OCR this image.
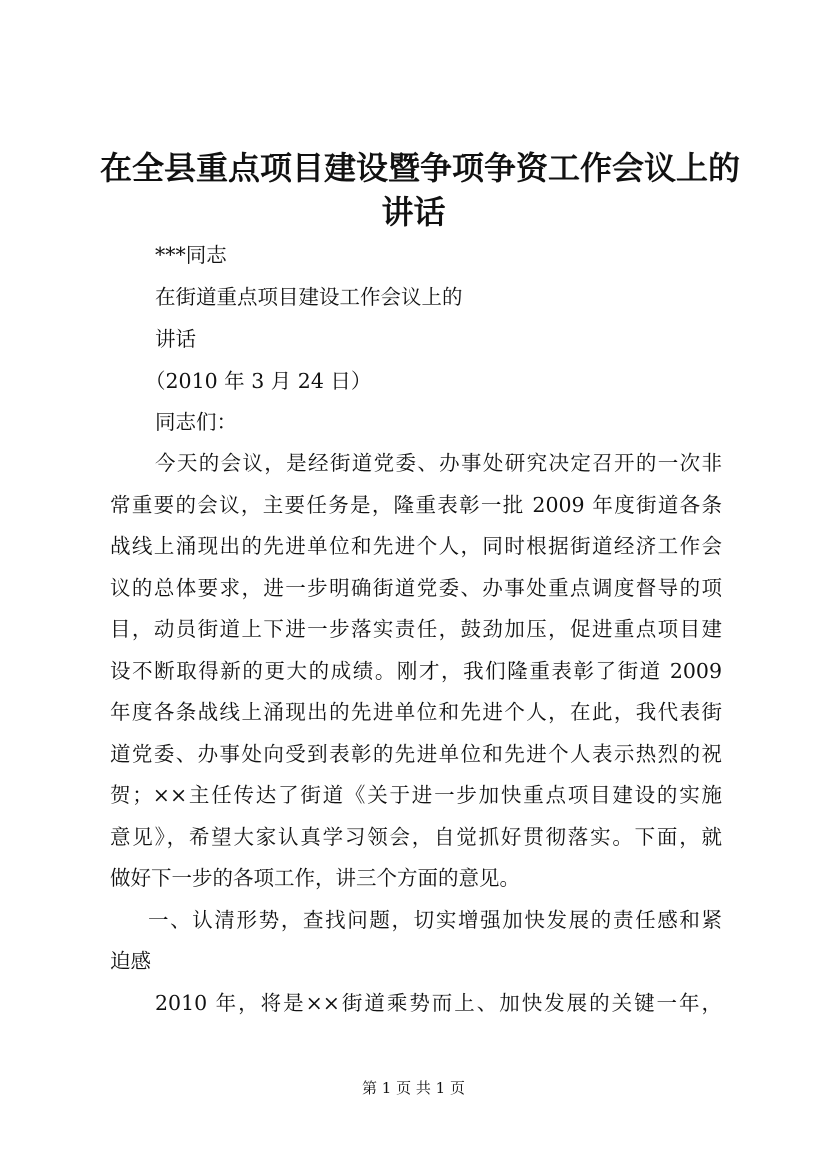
在全县重点项目建设暨争项争资工作会议上的
讲话

***同志

在街道重点项目建设工作会议上的

讲话

（2010 年 3 月 24 日）

同志们：

今天的会议，是经街道党委、办事处研究决定召开的一次非

常重要的会议，主要任务是，隆重表彰一批 2009 年度街道各条

战线上涌现出的先进单位和先进个人，同时根据街道经济工作会

议的总体要求，进一步明确街道党委、办事处重点调度督导的项

目，动员街道上下进一步落实责任，鼓劲加压，促进重点项目建

设不断取得新的更大的成绩。刚才，我们隆重表彰了街道 2009

年度各条战线上涌现出的先进单位和先进个人，在此，我代表街

道党委、办事处向受到表彰的先进单位和先进个人表示热烈的祝

贺；××主任传达了街道《关于进一步加快重点项目建设的实施

意见》，希望大家认真学习领会，自觉抓好贯彻落实。下面，就

做好下一步的各项工作，讲三个方面的意见。

一、认清形势，查找问题，切实增强加快发展的责任感和紧

迫感

2010 年，将是××街道乘势而上、加快发展的关键一年，

第 1 页 共 1 页
